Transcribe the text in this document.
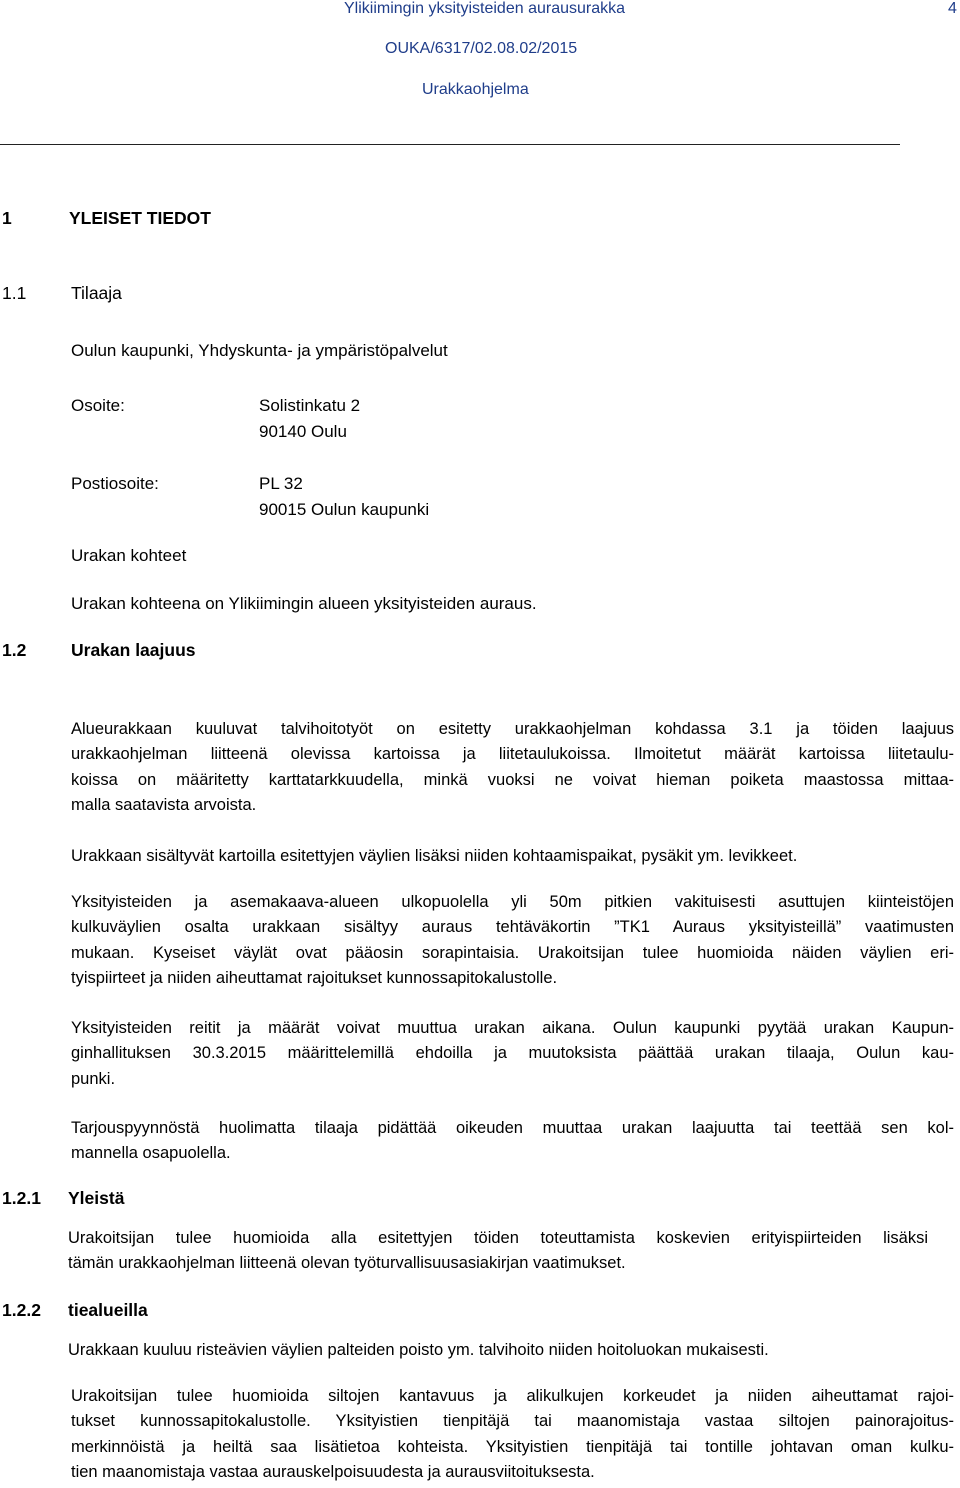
Ylikiimingin yksityisteiden aurausurakka	4
OUKA/6317/02.08.02/2015
Urakkaohjelma
1	YLEISET TIEDOT
1.1	Tilaaja
Oulun kaupunki, Yhdyskunta- ja ympäristöpalvelut
Osoite:	Solistinkatu 2
90140 Oulu
Postiosoite:	PL 32
90015 Oulun kaupunki
Urakan kohteet
Urakan kohteena on Ylikiimingin alueen yksityisteiden auraus.
1.2	Urakan laajuus
Alueurakkaan kuuluvat talvihoitotyöt on esitetty urakkaohjelman kohdassa 3.1 ja töiden laajuus
urakkaohjelman liitteenä olevissa kartoissa ja liitetaulukoissa. Ilmoitetut määrät kartoissa liitetaulu-
koissa on määritetty karttatarkkuudella, minkä vuoksi ne voivat hieman poiketa maastossa mittaa-
malla saatavista arvoista.
Urakkaan sisältyvät kartoilla esitettyjen väylien lisäksi niiden kohtaamispaikat, pysäkit ym. levikkeet.
Yksityisteiden ja asemakaava-alueen ulkopuolella yli 50m pitkien vakituisesti asuttujen kiinteistöjen
kulkuväylien osalta urakkaan sisältyy auraus tehtäväkortin ”TK1 Auraus yksityisteillä” vaatimusten
mukaan. Kyseiset väylät ovat pääosin sorapintaisia. Urakoitsijan tulee huomioida näiden väylien eri-
tyispiirteet ja niiden aiheuttamat rajoitukset kunnossapitokalustolle.
Yksityisteiden reitit ja määrät voivat muuttua urakan aikana. Oulun kaupunki pyytää urakan Kaupun-
ginhallituksen 30.3.2015 määrittelemillä ehdoilla ja muutoksista päättää urakan tilaaja, Oulun kau-
punki.
Tarjouspyynnöstä huolimatta tilaaja pidättää oikeuden muuttaa urakan laajuutta tai teettää sen kol-
mannella osapuolella.
1.2.1 Yleistä
Urakoitsijan tulee huomioida alla esitettyjen töiden toteuttamista koskevien erityispiirteiden lisäksi
tämän urakkaohjelman liitteenä olevan työturvallisuusasiakirjan vaatimukset.
1.2.2 tiealueilla
Urakkaan kuuluu risteävien väylien palteiden poisto ym. talvihoito niiden hoitoluokan mukaisesti.
Urakoitsijan tulee huomioida siltojen kantavuus ja alikulkujen korkeudet ja niiden aiheuttamat rajoi-
tukset kunnossapitokalustolle. Yksityistien tienpitäjä tai maanomistaja vastaa siltojen painorajoitus-
merkinnöistä ja heiltä saa lisätietoa kohteista. Yksityistien tienpitäjä tai tontille johtavan oman kulku-
tien maanomistaja vastaa aurauskelpoisuudesta ja aurausviitoituksesta.
